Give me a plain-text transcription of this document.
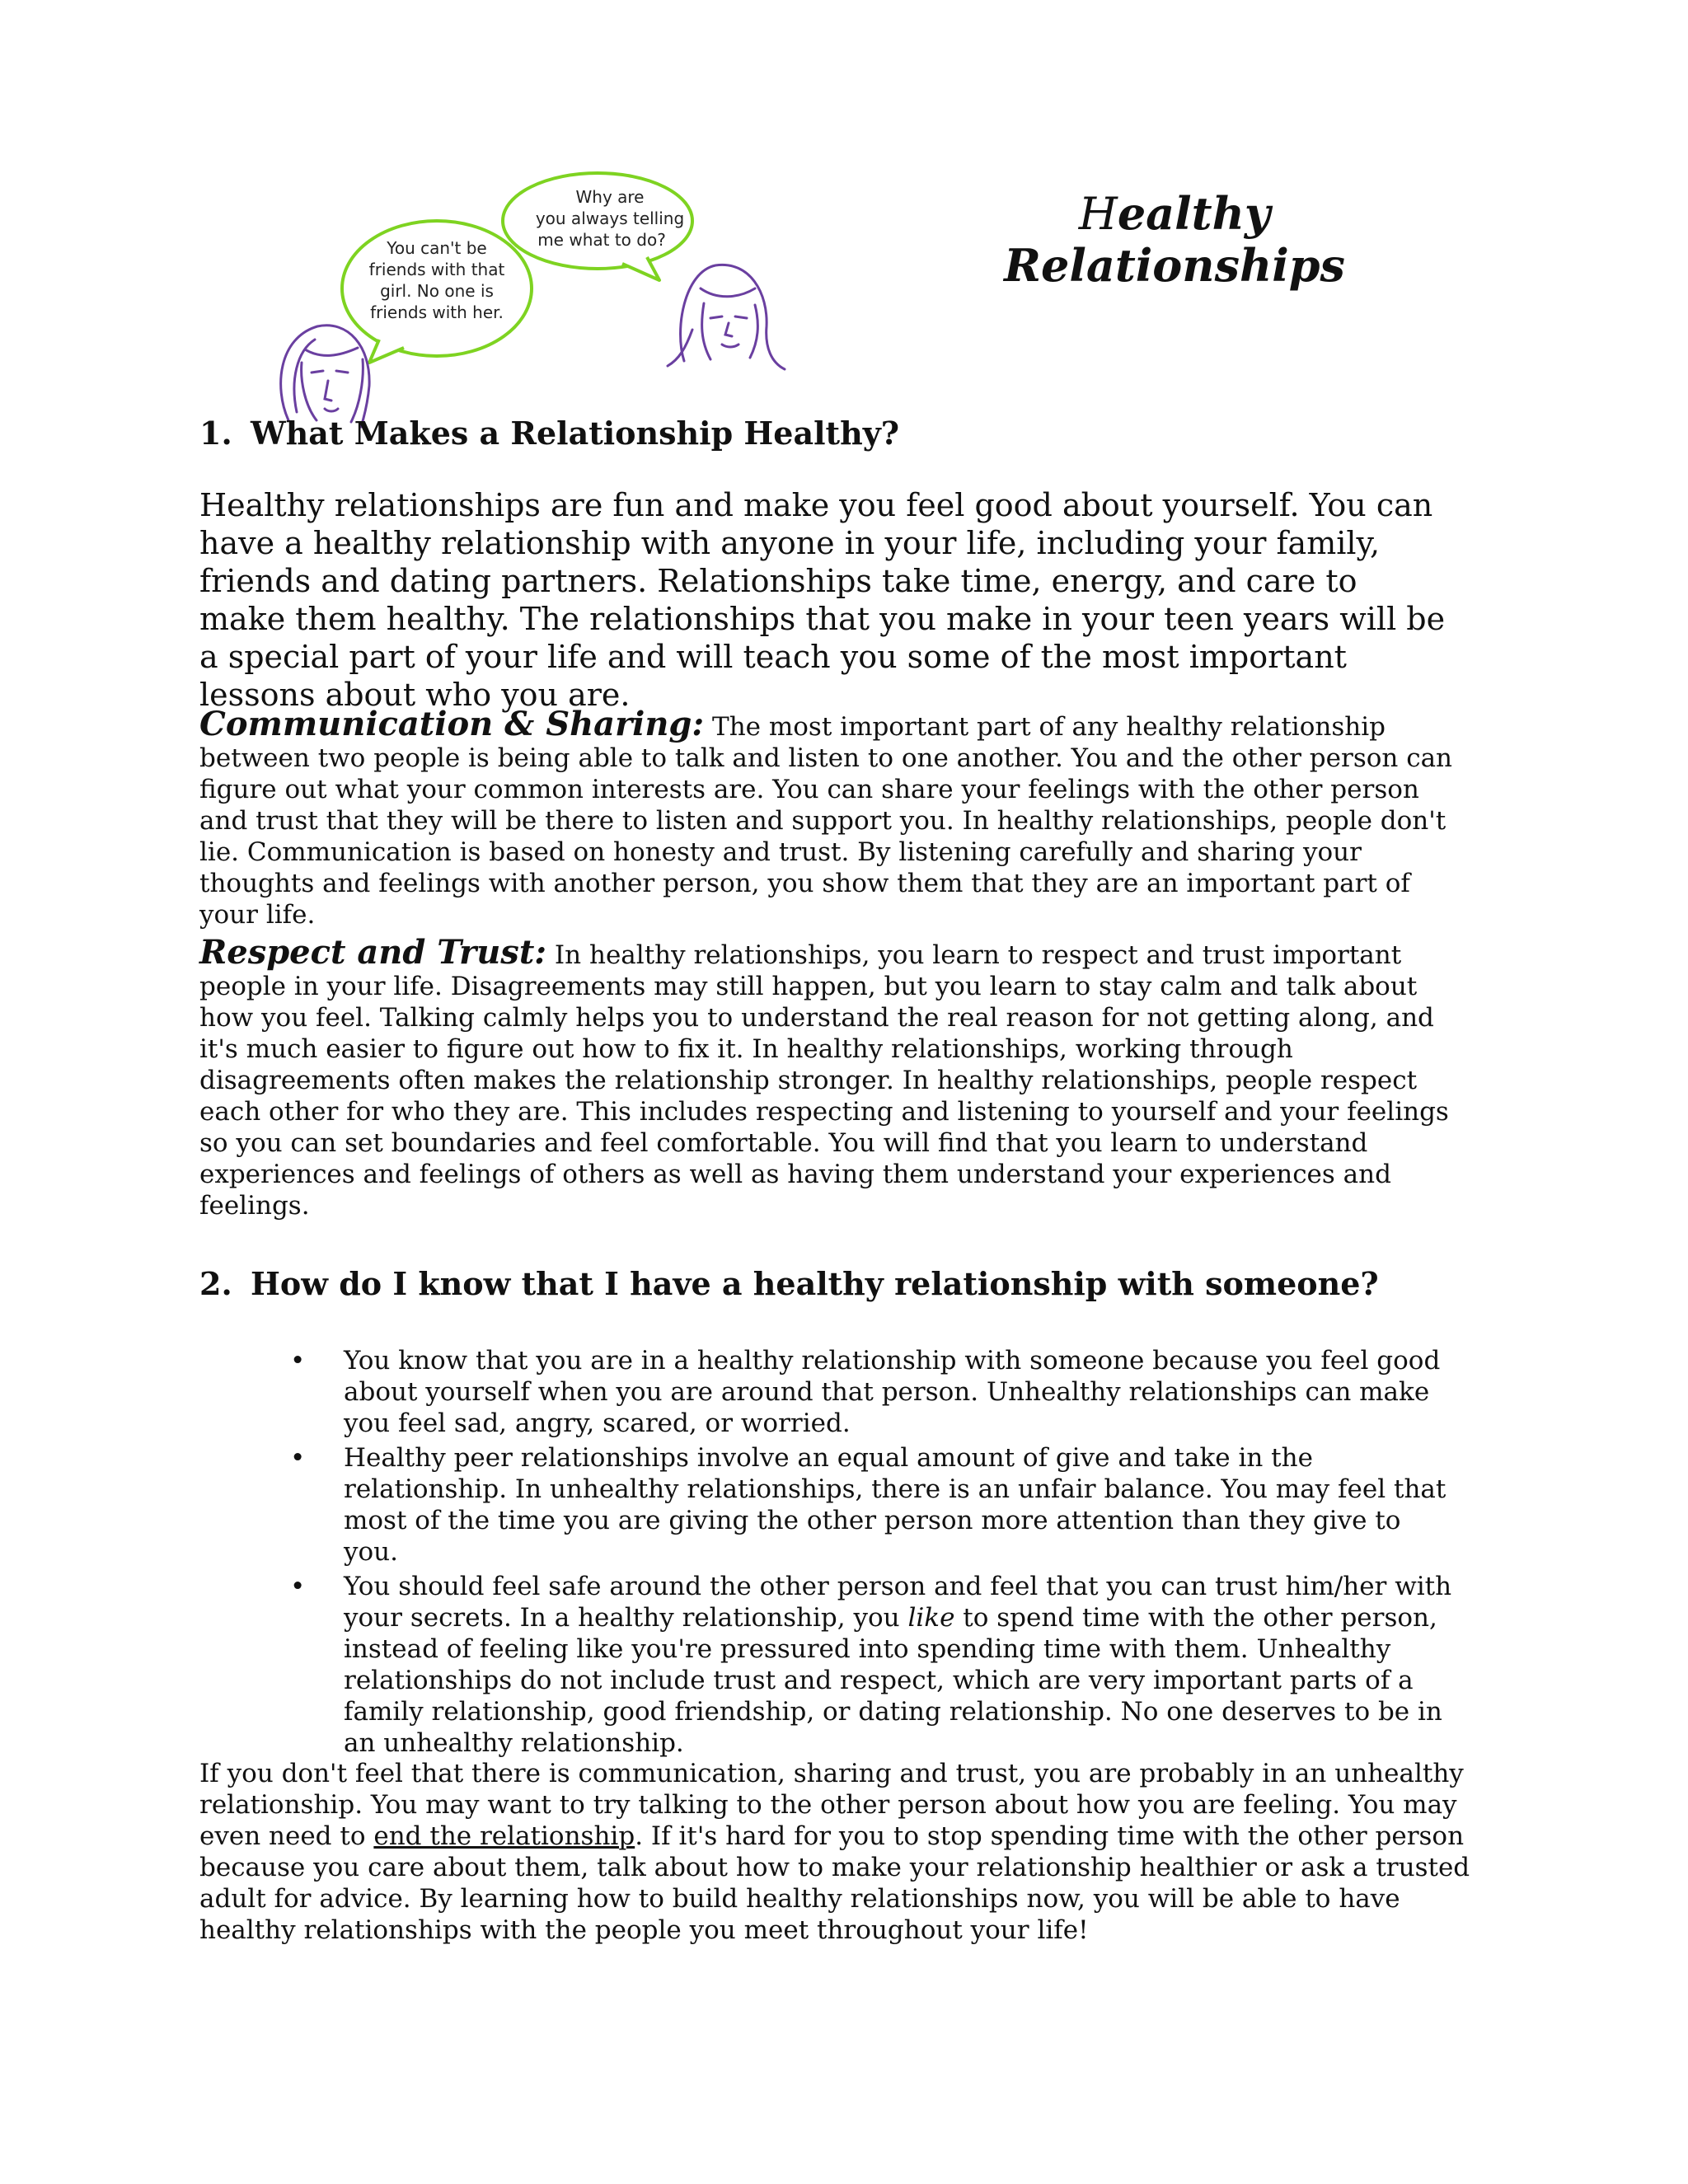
You can't be
friends with that
girl. No one is
friends with her.
Why are
you always telling
me what to do?	Healthy
Relationships
1. What Makes a Relationship Healthy?

Healthy relationships are fun and make you feel good about yourself. You can have a healthy relationship with anyone in your life, including your family, friends and dating partners. Relationships take time, energy, and care to make them healthy. The relationships that you make in your teen years will be a special part of your life and will teach you some of the most important lessons about who you are.

Communication & Sharing: The most important part of any healthy relationship between two people is being able to talk and listen to one another. You and the other person can figure out what your common interests are. You can share your feelings with the other person and trust that they will be there to listen and support you. In healthy relationships, people don't lie. Communication is based on honesty and trust. By listening carefully and sharing your thoughts and feelings with another person, you show them that they are an important part of your life.

Respect and Trust: In healthy relationships, you learn to respect and trust important people in your life. Disagreements may still happen, but you learn to stay calm and talk about how you feel. Talking calmly helps you to understand the real reason for not getting along, and it's much easier to figure out how to fix it. In healthy relationships, working through disagreements often makes the relationship stronger. In healthy relationships, people respect each other for who they are. This includes respecting and listening to yourself and your feelings so you can set boundaries and feel comfortable. You will find that you learn to understand experiences and feelings of others as well as having them understand your experiences and feelings.

2. How do I know that I have a healthy relationship with someone?
•	You know that you are in a healthy relationship with someone because you feel good about yourself when you are around that person. Unhealthy relationships can make you feel sad, angry, scared, or worried.
•	Healthy peer relationships involve an equal amount of give and take in the relationship. In unhealthy relationships, there is an unfair balance. You may feel that most of the time you are giving the other person more attention than they give to you.
•	You should feel safe around the other person and feel that you can trust him/her with your secrets. In a healthy relationship, you like to spend time with the other person, instead of feeling like you're pressured into spending time with them. Unhealthy relationships do not include trust and respect, which are very important parts of a family relationship, good friendship, or dating relationship. No one deserves to be in an unhealthy relationship.

If you don't feel that there is communication, sharing and trust, you are probably in an unhealthy relationship. You may want to try talking to the other person about how you are feeling. You may even need to end the relationship. If it's hard for you to stop spending time with the other person because you care about them, talk about how to make your relationship healthier or ask a trusted adult for advice. By learning how to build healthy relationships now, you will be able to have healthy relationships with the people you meet throughout your life!
